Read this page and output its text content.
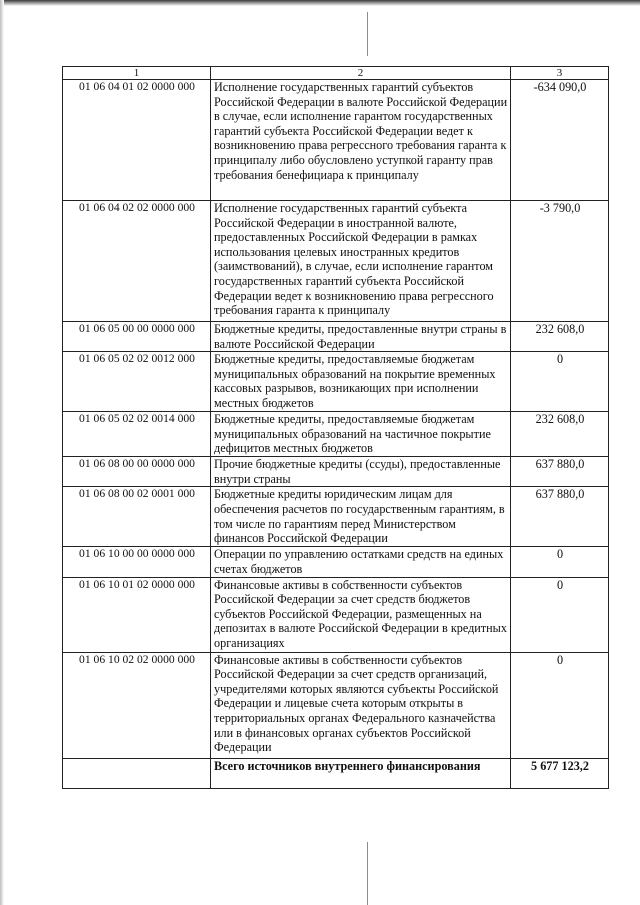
1	2	3
01 06 04 01 02 0000 000	Исполнение государственных гарантий субъектов Российской Федерации в валюте Российской Федерации в случае, если исполнение гарантом государственных гарантий субъекта Российской Федерации ведет к возникновению права регрессного требования гаранта к принципалу либо обусловлено уступкой гаранту прав требования бенефициара к принципалу	-634 090,0
01 06 04 02 02 0000 000	Исполнение государственных гарантий субъекта Российской Федерации в иностранной валюте, предоставленных Российской Федерации в рамках использования целевых иностранных кредитов (заимствований), в случае, если исполнение гарантом государственных гарантий субъекта Российской Федерации ведет к возникновению права регрессного требования гаранта к принципалу	-3 790,0
01 06 05 00 00 0000 000	Бюджетные кредиты, предоставленные внутри страны в валюте Российской Федерации	232 608,0
01 06 05 02 02 0012 000	Бюджетные кредиты, предоставляемые бюджетам муниципальных образований на покрытие временных кассовых разрывов, возникающих при исполнении местных бюджетов	0
01 06 05 02 02 0014 000	Бюджетные кредиты, предоставляемые бюджетам муниципальных образований на частичное покрытие дефицитов местных бюджетов	232 608,0
01 06 08 00 00 0000 000	Прочие бюджетные кредиты (ссуды), предоставленные внутри страны	637 880,0
01 06 08 00 02 0001 000	Бюджетные кредиты юридическим лицам для обеспечения расчетов по государственным гарантиям, в том числе по гарантиям перед Министерством финансов Российской Федерации	637 880,0
01 06 10 00 00 0000 000	Операции по управлению остатками средств на единых счетах бюджетов	0
01 06 10 01 02 0000 000	Финансовые активы в собственности субъектов Российской Федерации за счет средств бюджетов субъектов Российской Федерации, размещенных на депозитах в валюте Российской Федерации в кредитных организациях	0
01 06 10 02 02 0000 000	Финансовые активы в собственности субъектов Российской Федерации за счет средств организаций, учредителями которых являются субъекты Российской Федерации и лицевые счета которым открыты в территориальных органах Федерального казначейства или в финансовых органах субъектов Российской Федерации	0
	Всего источников внутреннего финансирования	5 677 123,2
